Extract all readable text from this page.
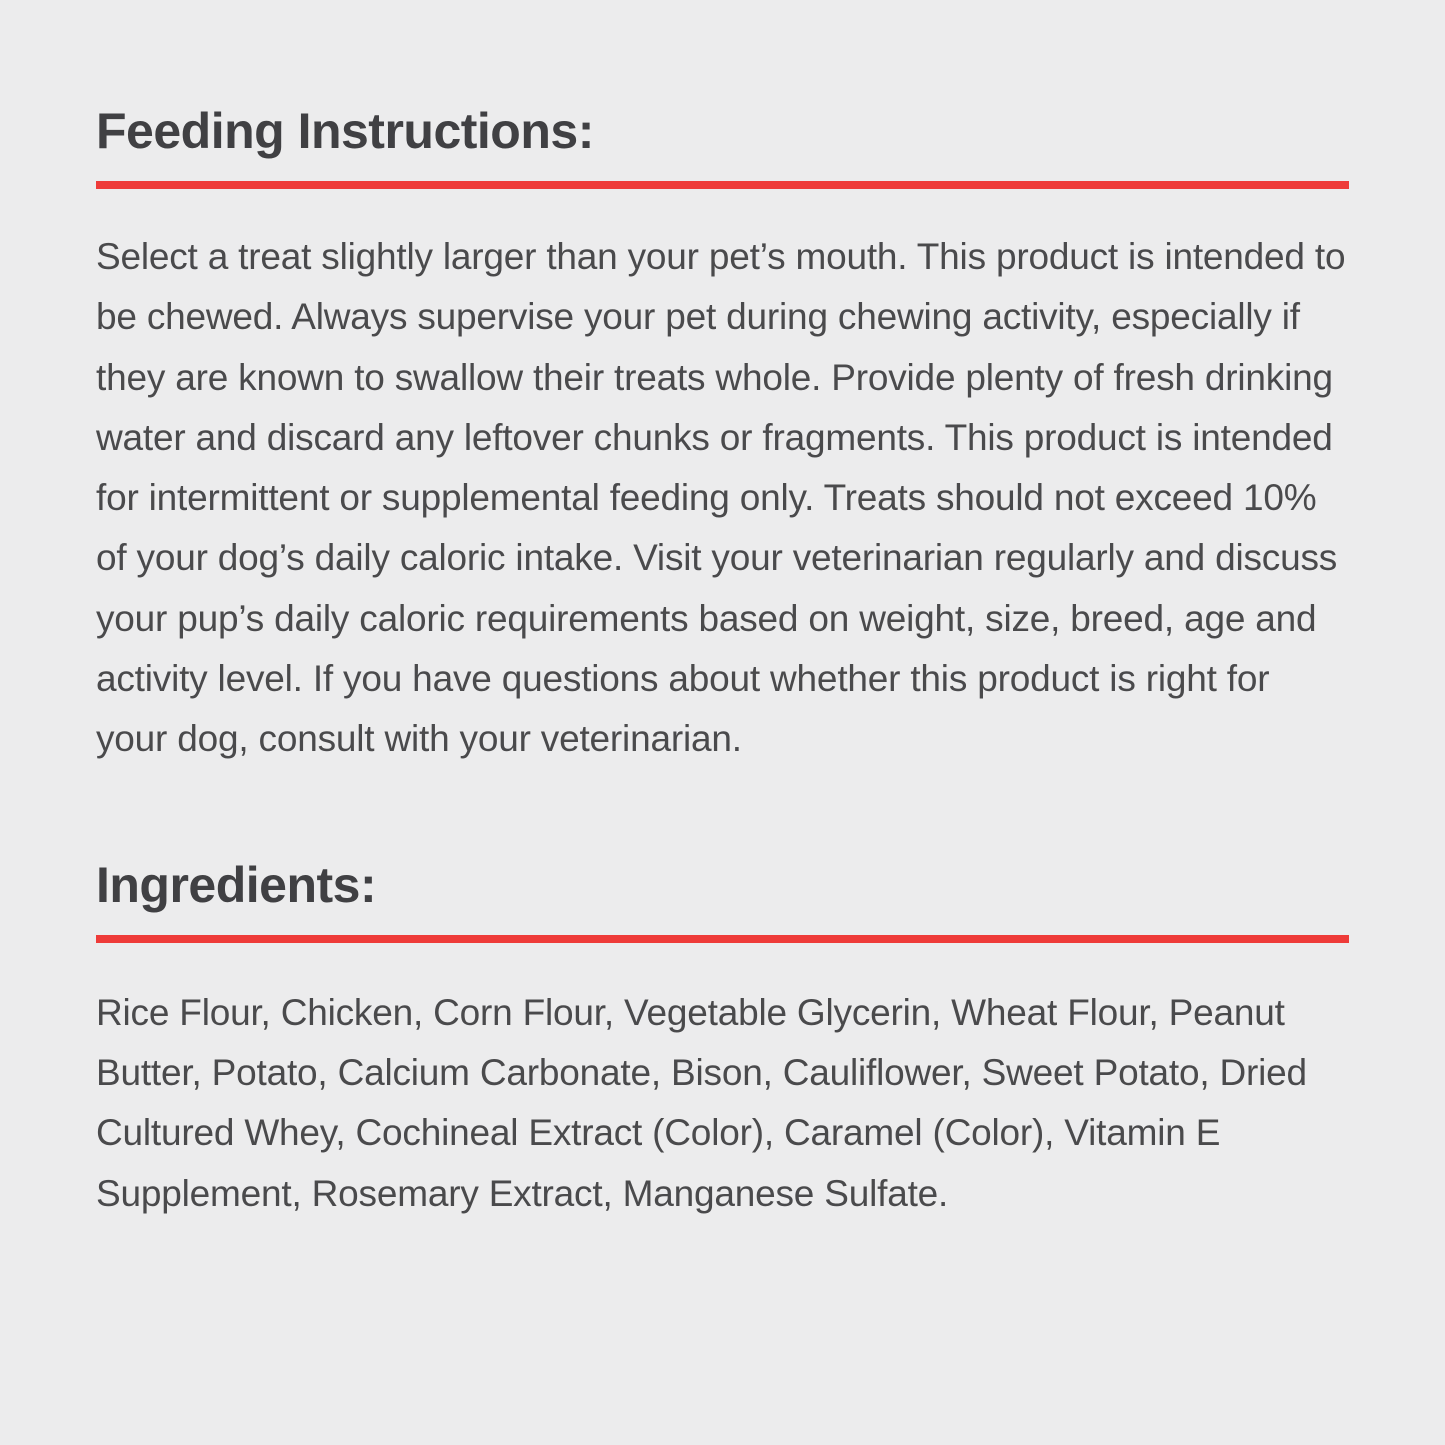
Feeding Instructions:

Select a treat slightly larger than your pet’s mouth. This product is intended to be chewed. Always supervise your pet during chewing activity, especially if they are known to swallow their treats whole. Provide plenty of fresh drinking water and discard any leftover chunks or fragments. This product is intended for intermittent or supplemental feeding only. Treats should not exceed 10% of your dog’s daily caloric intake. Visit your veterinarian regularly and discuss your pup’s daily caloric requirements based on weight, size, breed, age and activity level. If you have questions about whether this product is right for your dog, consult with your veterinarian.

Ingredients:

Rice Flour, Chicken, Corn Flour, Vegetable Glycerin, Wheat Flour, Peanut Butter, Potato, Calcium Carbonate, Bison, Cauliflower, Sweet Potato, Dried Cultured Whey, Cochineal Extract (Color), Caramel (Color), Vitamin E Supplement, Rosemary Extract, Manganese Sulfate.
